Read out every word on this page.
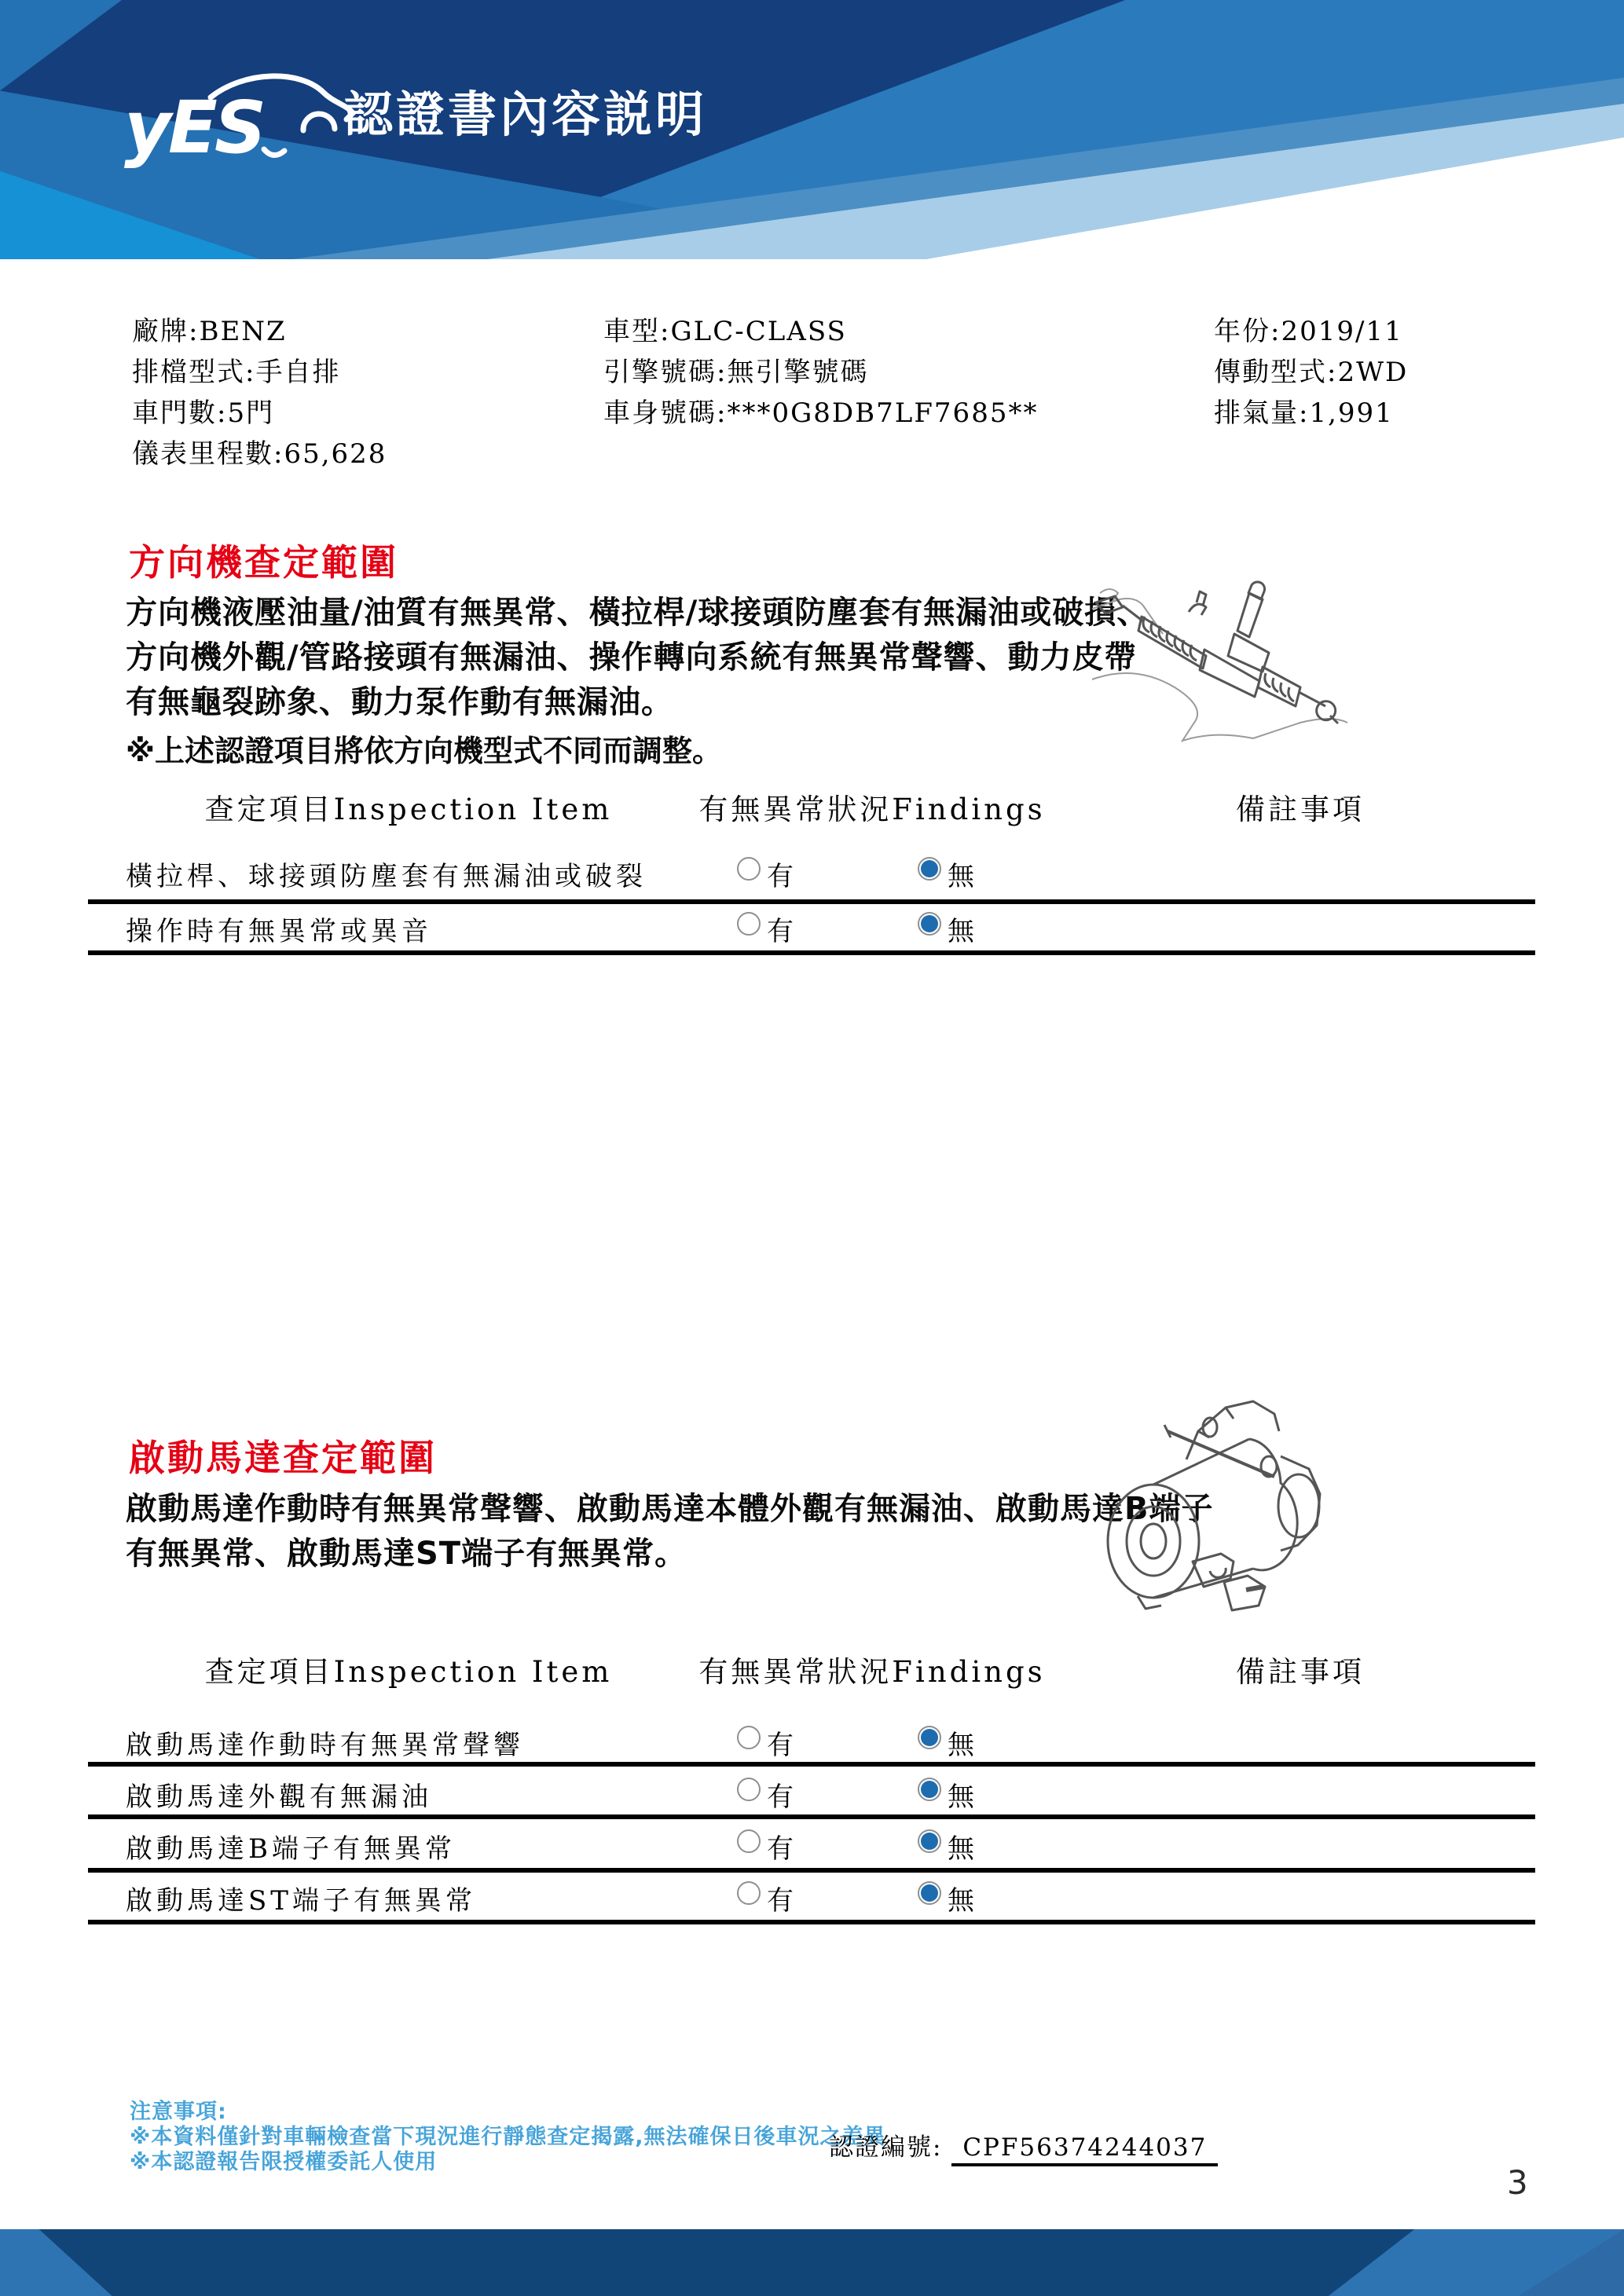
yES 認證書內容説明
廠牌:BENZ
排檔型式:手自排
車門數:5門
儀表里程數:65,628
車型:GLC-CLASS
引擎號碼:無引擎號碼
車身號碼:***0G8DB7LF7685**
年份:2019/11
傳動型式:2WD
排氣量:1,991
方向機查定範圍
方向機液壓油量/油質有無異常、橫拉桿/球接頭防塵套有無漏油或破損、
方向機外觀/管路接頭有無漏油、操作轉向系統有無異常聲響、動力皮帶
有無龜裂跡象、動力泵作動有無漏油。
※上述認證項目將依方向機型式不同而調整。
查定項目Inspection Item	有無異常狀況Findings	備註事項
橫拉桿、球接頭防塵套有無漏油或破裂	有	無
操作時有無異常或異音	有	無
啟動馬達查定範圍
啟動馬達作動時有無異常聲響、啟動馬達本體外觀有無漏油、啟動馬達B端子
有無異常、啟動馬達ST端子有無異常。
查定項目Inspection Item	有無異常狀況Findings	備註事項
啟動馬達作動時有無異常聲響	有	無
啟動馬達外觀有無漏油	有	無
啟動馬達B端子有無異常	有	無
啟動馬達ST端子有無異常	有	無
注意事項:
※本資料僅針對車輛檢查當下現況進行靜態查定揭露,無法確保日後車況之差異
※本認證報告限授權委託人使用
認證編號: CPF56374244037
3
